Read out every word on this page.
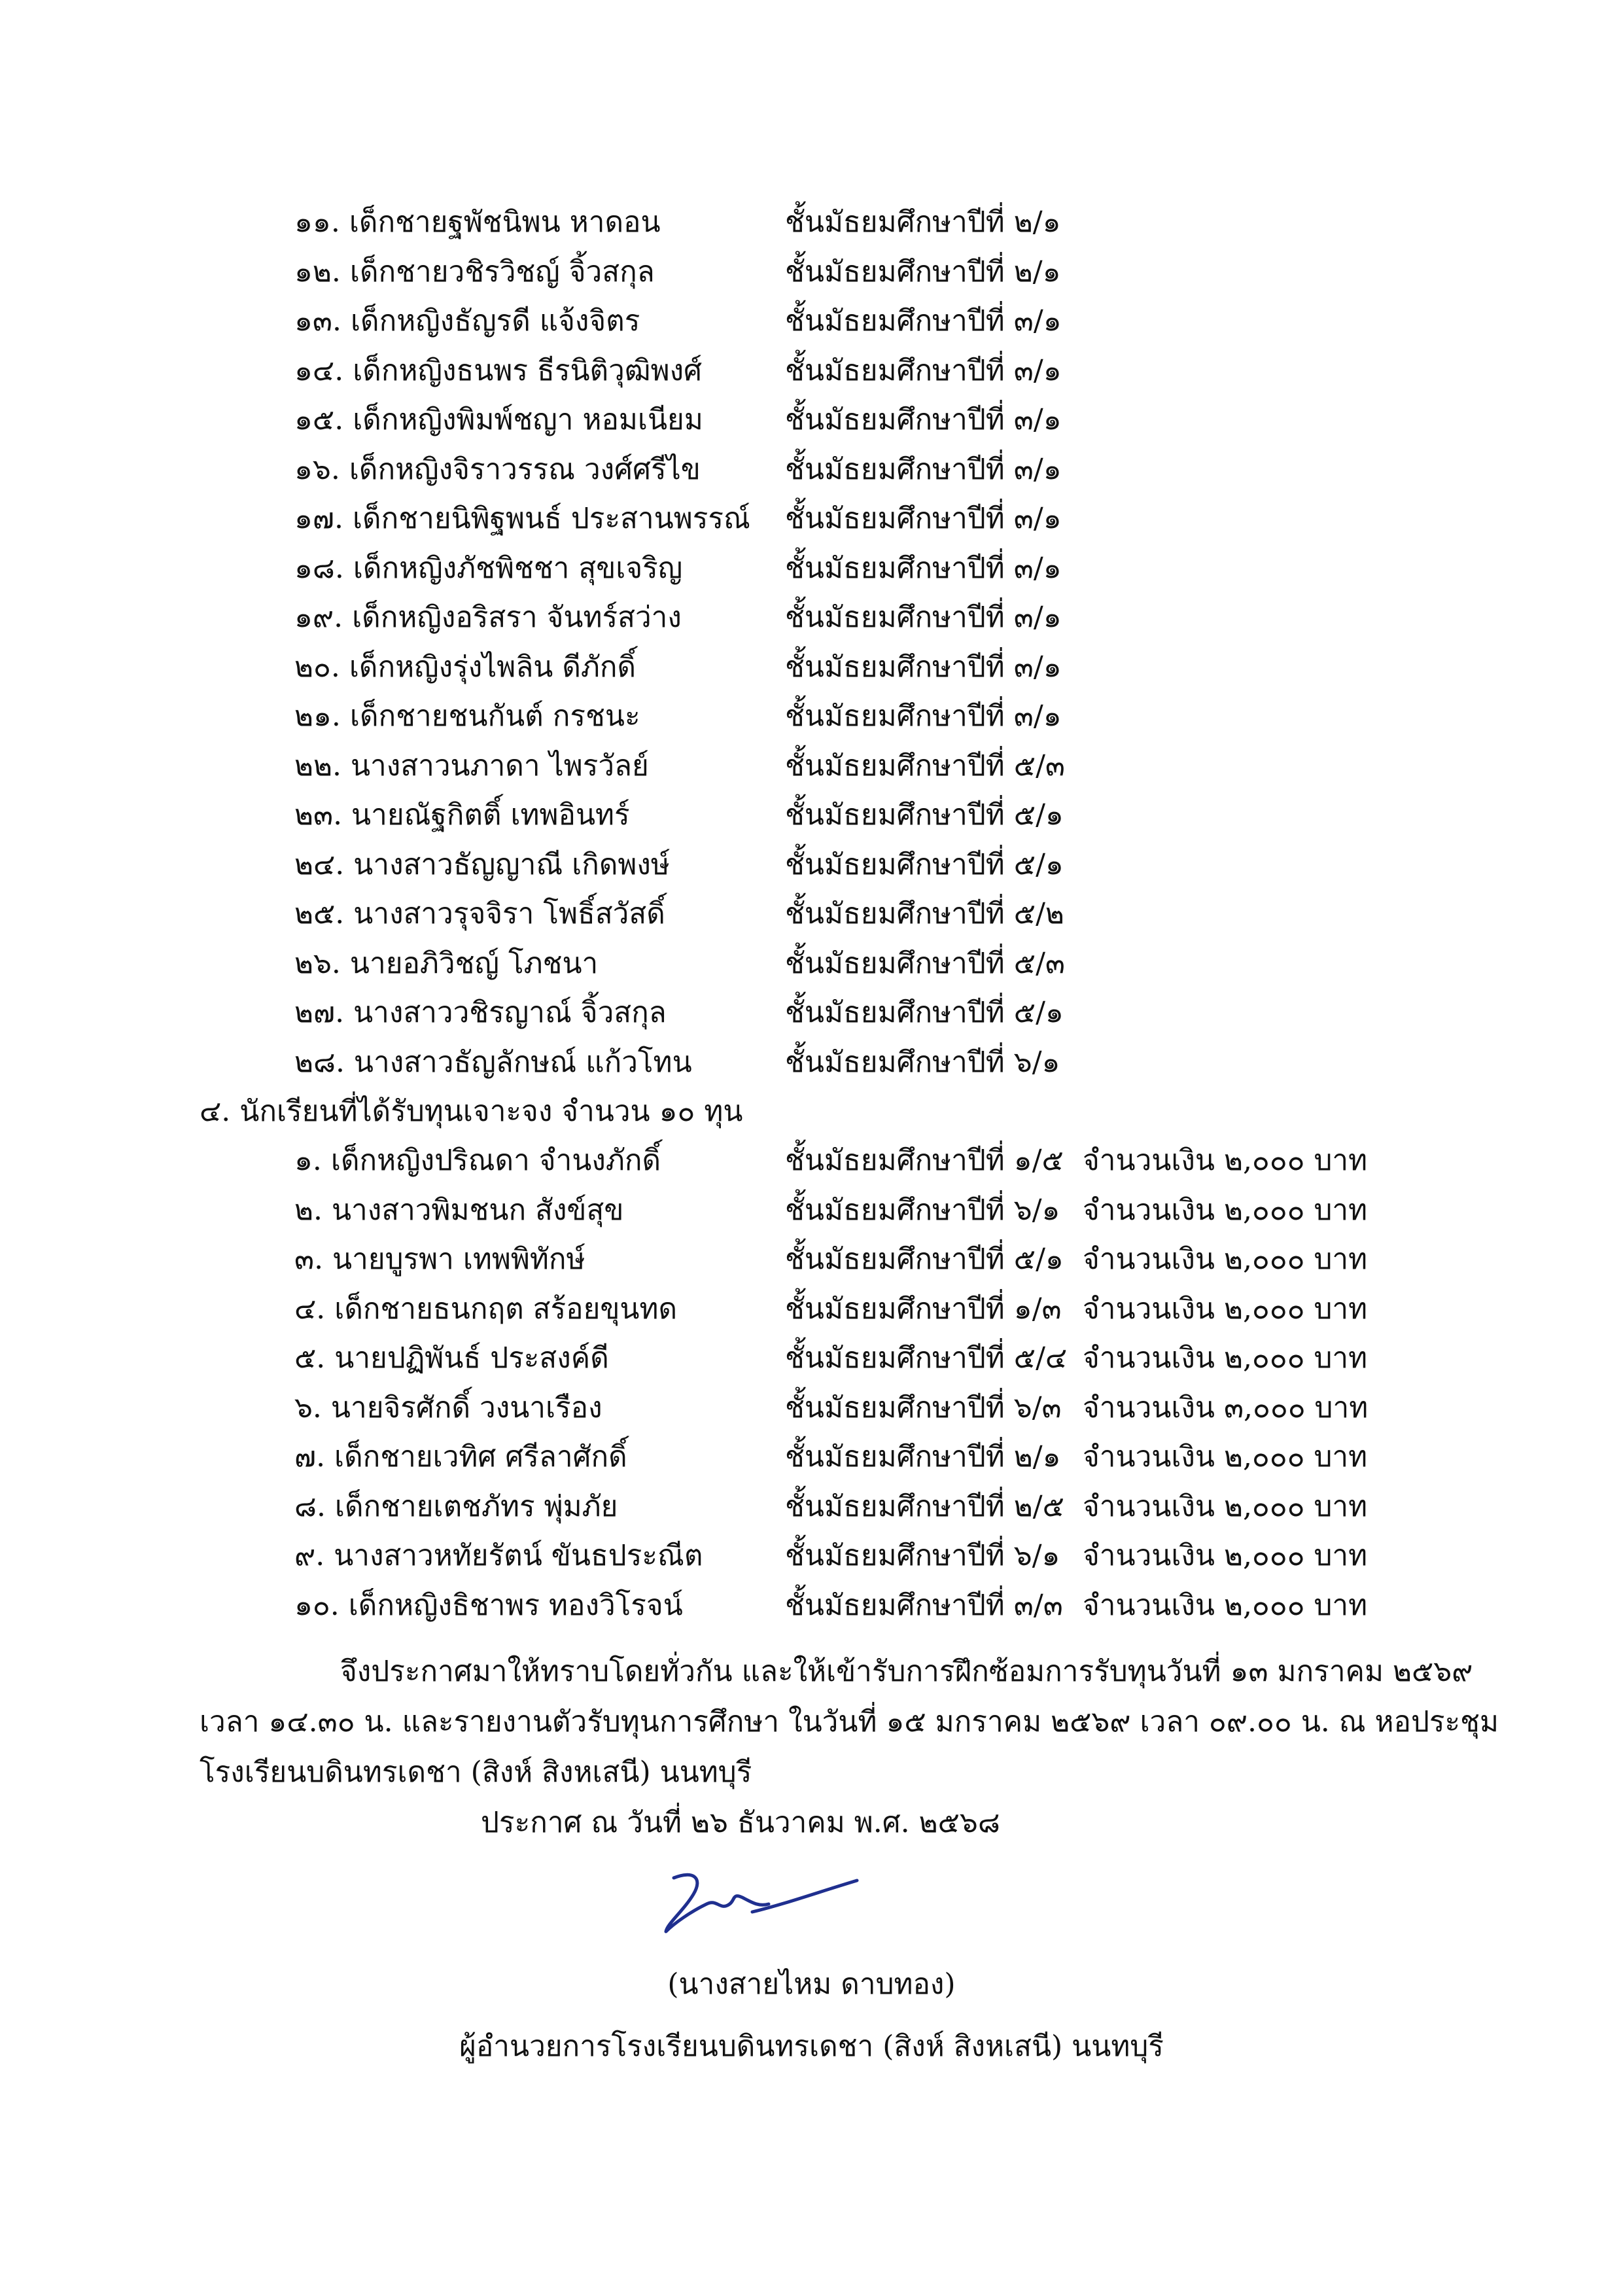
๑๑. เด็กชายฐพัชนิพน หาดอน	ชั้นมัธยมศึกษาปีที่ ๒/๑
๑๒. เด็กชายวชิรวิชญ์ จิ้วสกุล	ชั้นมัธยมศึกษาปีที่ ๒/๑
๑๓. เด็กหญิงธัญรดี แจ้งจิตร	ชั้นมัธยมศึกษาปีที่ ๓/๑
๑๔. เด็กหญิงธนพร ธีรนิติวุฒิพงศ์	ชั้นมัธยมศึกษาปีที่ ๓/๑
๑๕. เด็กหญิงพิมพ์ชญา หอมเนียม	ชั้นมัธยมศึกษาปีที่ ๓/๑
๑๖. เด็กหญิงจิราวรรณ วงศ์ศรีไข	ชั้นมัธยมศึกษาปีที่ ๓/๑
๑๗. เด็กชายนิพิฐพนธ์ ประสานพรรณ์	ชั้นมัธยมศึกษาปีที่ ๓/๑
๑๘. เด็กหญิงภัชพิชชา สุขเจริญ	ชั้นมัธยมศึกษาปีที่ ๓/๑
๑๙. เด็กหญิงอริสรา จันทร์สว่าง	ชั้นมัธยมศึกษาปีที่ ๓/๑
๒๐. เด็กหญิงรุ่งไพลิน ดีภักดิ์	ชั้นมัธยมศึกษาปีที่ ๓/๑
๒๑. เด็กชายชนกันต์ กรชนะ	ชั้นมัธยมศึกษาปีที่ ๓/๑
๒๒. นางสาวนภาดา ไพรวัลย์	ชั้นมัธยมศึกษาปีที่ ๕/๓
๒๓. นายณัฐกิตติ์ เทพอินทร์	ชั้นมัธยมศึกษาปีที่ ๕/๑
๒๔. นางสาวธัญญาณี เกิดพงษ์	ชั้นมัธยมศึกษาปีที่ ๕/๑
๒๕. นางสาวรุจจิรา โพธิ์สวัสดิ์	ชั้นมัธยมศึกษาปีที่ ๕/๒
๒๖. นายอภิวิชญ์ โภชนา	ชั้นมัธยมศึกษาปีที่ ๕/๓
๒๗. นางสาววชิรญาณ์ จิ้วสกุล	ชั้นมัธยมศึกษาปีที่ ๕/๑
๒๘. นางสาวธัญลักษณ์ แก้วโทน	ชั้นมัธยมศึกษาปีที่ ๖/๑
๔. นักเรียนที่ได้รับทุนเจาะจง จำนวน ๑๐ ทุน
๑. เด็กหญิงปริณดา จำนงภักดิ์	ชั้นมัธยมศึกษาปีที่ ๑/๕ จำนวนเงิน ๒,๐๐๐ บาท
๒. นางสาวพิมชนก สังข์สุข	ชั้นมัธยมศึกษาปีที่ ๖/๑ จำนวนเงิน ๒,๐๐๐ บาท
๓. นายบูรพา เทพพิทักษ์	ชั้นมัธยมศึกษาปีที่ ๕/๑ จำนวนเงิน ๒,๐๐๐ บาท
๔. เด็กชายธนกฤต สร้อยขุนทด	ชั้นมัธยมศึกษาปีที่ ๑/๓ จำนวนเงิน ๒,๐๐๐ บาท
๕. นายปฏิพันธ์ ประสงค์ดี	ชั้นมัธยมศึกษาปีที่ ๕/๔ จำนวนเงิน ๒,๐๐๐ บาท
๖. นายจิรศักดิ์ วงนาเรือง	ชั้นมัธยมศึกษาปีที่ ๖/๓ จำนวนเงิน ๓,๐๐๐ บาท
๗. เด็กชายเวทิศ ศรีลาศักดิ์	ชั้นมัธยมศึกษาปีที่ ๒/๑ จำนวนเงิน ๒,๐๐๐ บาท
๘. เด็กชายเตชภัทร พุ่มภัย	ชั้นมัธยมศึกษาปีที่ ๒/๕ จำนวนเงิน ๒,๐๐๐ บาท
๙. นางสาวหทัยรัตน์ ขันธประณีต	ชั้นมัธยมศึกษาปีที่ ๖/๑ จำนวนเงิน ๒,๐๐๐ บาท
๑๐. เด็กหญิงธิชาพร ทองวิโรจน์	ชั้นมัธยมศึกษาปีที่ ๓/๓ จำนวนเงิน ๒,๐๐๐ บาท
จึงประกาศมาให้ทราบโดยทั่วกัน และให้เข้ารับการฝึกซ้อมการรับทุนวันที่ ๑๓ มกราคม ๒๕๖๙
เวลา ๑๔.๓๐ น. และรายงานตัวรับทุนการศึกษา ในวันที่ ๑๕ มกราคม ๒๕๖๙ เวลา ๐๙.๐๐ น. ณ หอประชุม
โรงเรียนบดินทรเดชา (สิงห์ สิงหเสนี) นนทบุรี
ประกาศ ณ วันที่ ๒๖ ธันวาคม พ.ศ. ๒๕๖๘
(นางสายไหม ดาบทอง)
ผู้อำนวยการโรงเรียนบดินทรเดชา (สิงห์ สิงหเสนี) นนทบุรี
